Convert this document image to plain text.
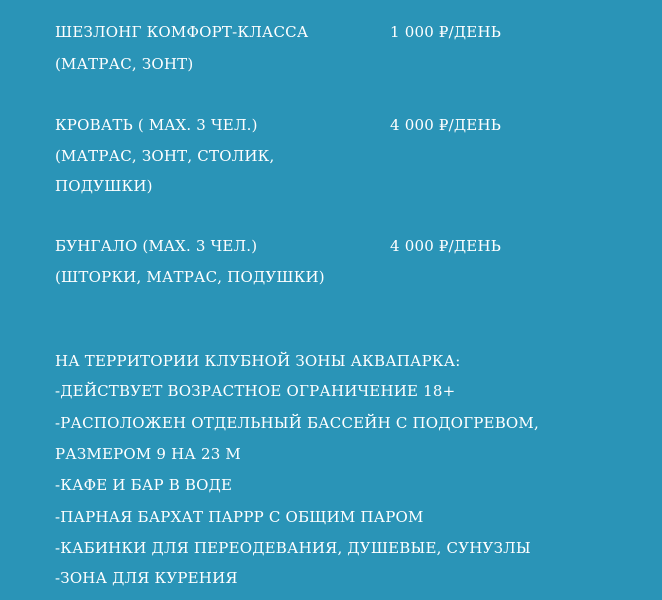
ШЕЗЛОНГ КОМФОРТ-КЛАССА	1 000 ₽/ДЕНЬ
(МАТРАС, ЗОНТ)
КРОВАТЬ ( MAX. 3 ЧЕЛ.)	4 000 ₽/ДЕНЬ
(МАТРАС, ЗОНТ, СТОЛИК,
ПОДУШКИ)
БУНГАЛО (MAX. 3 ЧЕЛ.)	4 000 ₽/ДЕНЬ
(ШТОРКИ, МАТРАС, ПОДУШКИ)
НА ТЕРРИТОРИИ КЛУБНОЙ ЗОНЫ АКВАПАРКА:
-ДЕЙСТВУЕТ ВОЗРАСТНОЕ ОГРАНИЧЕНИЕ 18+
-РАСПОЛОЖЕН ОТДЕЛЬНЫЙ БАССЕЙН С ПОДОГРЕВОМ,
РАЗМЕРОМ 9 НА 23 М
-КАФЕ И БАР В ВОДЕ
-ПАРНАЯ БАРХАТ ПАРРР С ОБЩИМ ПАРОМ
-КАБИНКИ ДЛЯ ПЕРЕОДЕВАНИЯ, ДУШЕВЫЕ, СУНУЗЛЫ
-ЗОНА ДЛЯ КУРЕНИЯ
